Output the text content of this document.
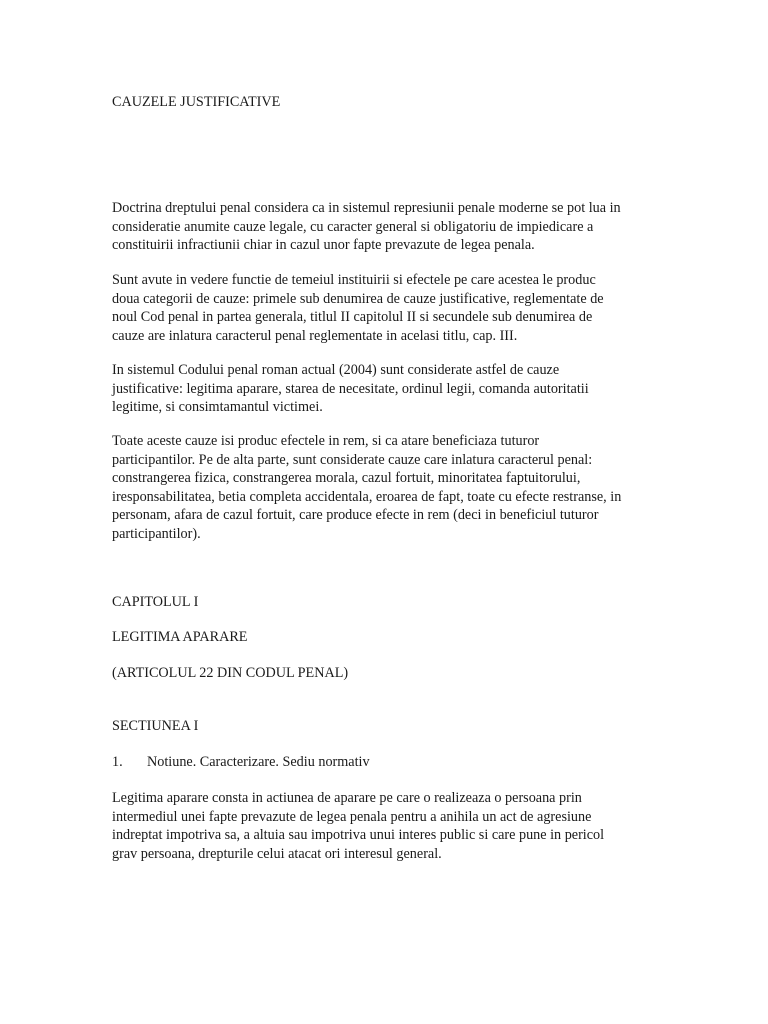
CAUZELE JUSTIFICATIVE
Doctrina dreptului penal considera ca in sistemul represiunii penale moderne se pot lua in
consideratie anumite cauze legale, cu caracter general si obligatoriu de impiedicare a
constituirii infractiunii chiar in cazul unor fapte prevazute de legea penala.
Sunt avute in vedere functie de temeiul instituirii si efectele pe care acestea le produc
doua categorii de cauze: primele sub denumirea de cauze justificative, reglementate de
noul Cod penal in partea generala, titlul II capitolul II si secundele sub denumirea de
cauze are inlatura caracterul penal reglementate in acelasi titlu, cap. III.
In sistemul Codului penal roman actual (2004) sunt considerate astfel de cauze
justificative: legitima aparare, starea de necesitate, ordinul legii, comanda autoritatii
legitime, si consimtamantul victimei.
Toate aceste cauze isi produc efectele in rem, si ca atare beneficiaza tuturor
participantilor. Pe de alta parte, sunt considerate cauze care inlatura caracterul penal:
constrangerea fizica, constrangerea morala, cazul fortuit, minoritatea faptuitorului,
iresponsabilitatea, betia completa accidentala, eroarea de fapt, toate cu efecte restranse, in
personam, afara de cazul fortuit, care produce efecte in rem (deci in beneficiul tuturor
participantilor).
CAPITOLUL I
LEGITIMA APARARE
(ARTICOLUL 22 DIN CODUL PENAL)
SECTIUNEA I
1. Notiune. Caracterizare. Sediu normativ
Legitima aparare consta in actiunea de aparare pe care o realizeaza o persoana prin
intermediul unei fapte prevazute de legea penala pentru a anihila un act de agresiune
indreptat impotriva sa, a altuia sau impotriva unui interes public si care pune in pericol
grav persoana, drepturile celui atacat ori interesul general.
